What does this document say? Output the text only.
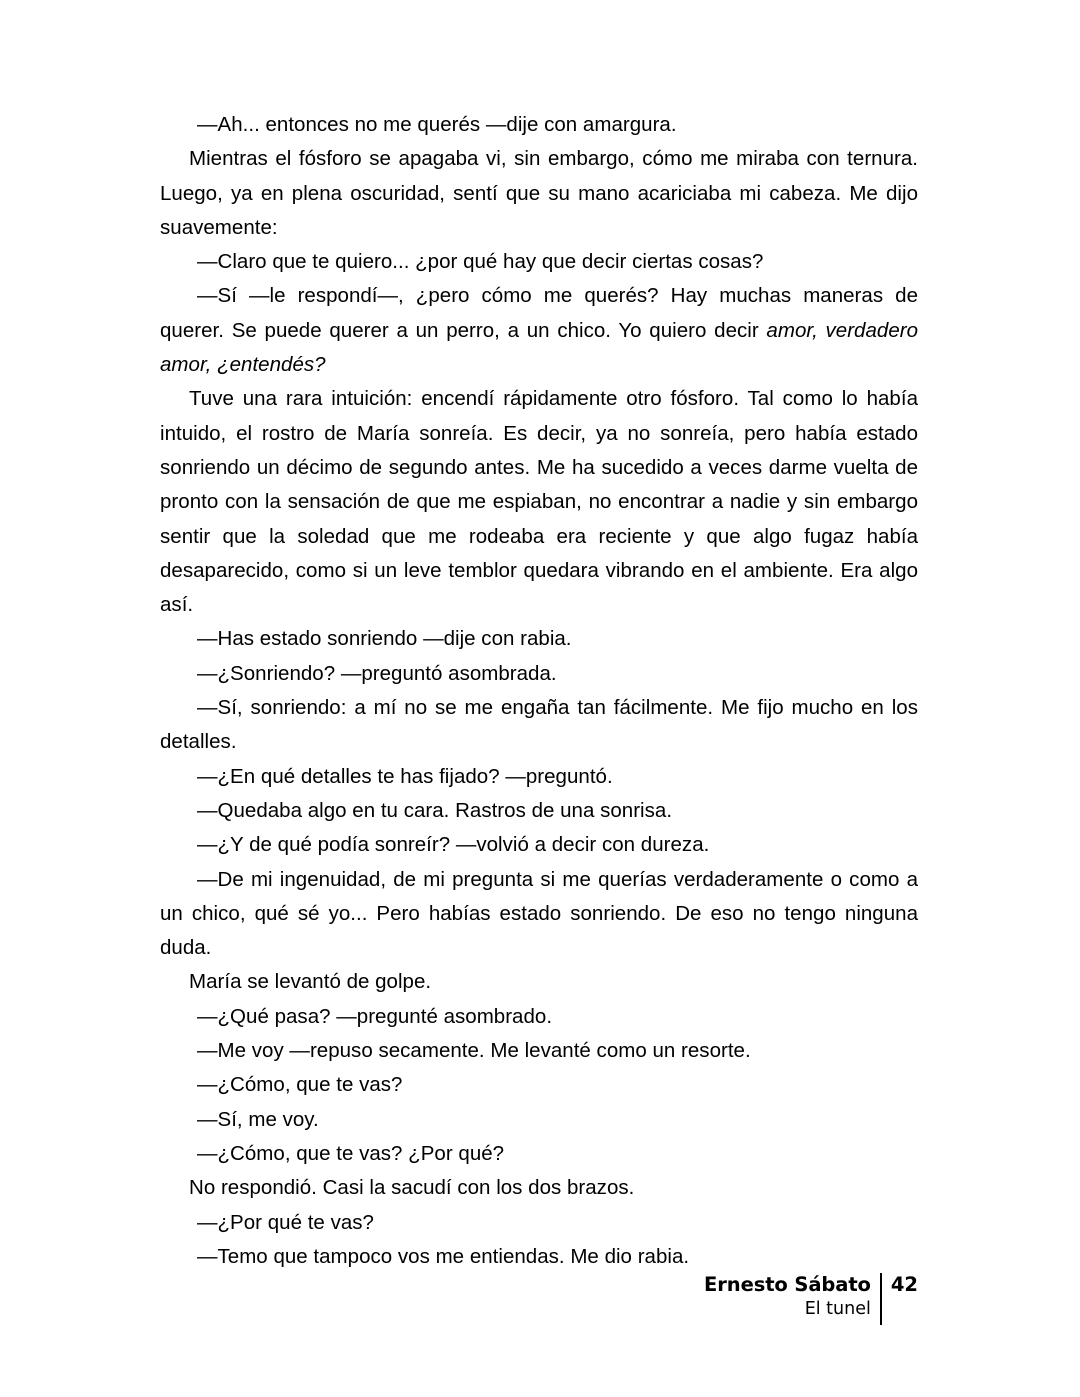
—Ah... entonces no me querés —dije con amargura.

Mientras el fósforo se apagaba vi, sin embargo, cómo me miraba con ternura. Luego, ya en plena oscuridad, sentí que su mano acariciaba mi cabeza. Me dijo suavemente:

—Claro que te quiero... ¿por qué hay que decir ciertas cosas?

—Sí —le respondí—, ¿pero cómo me querés? Hay muchas maneras de querer. Se puede querer a un perro, a un chico. Yo quiero decir amor, verdadero amor, ¿entendés?

Tuve una rara intuición: encendí rápidamente otro fósforo. Tal como lo había intuido, el rostro de María sonreía. Es decir, ya no sonreía, pero había estado sonriendo un décimo de segundo antes. Me ha sucedido a veces darme vuelta de pronto con la sensación de que me espiaban, no encontrar a nadie y sin embargo sentir que la soledad que me rodeaba era reciente y que algo fugaz había desaparecido, como si un leve temblor quedara vibrando en el ambiente. Era algo así.

—Has estado sonriendo —dije con rabia.

—¿Sonriendo? —preguntó asombrada.

—Sí, sonriendo: a mí no se me engaña tan fácilmente. Me fijo mucho en los detalles.

—¿En qué detalles te has fijado? —preguntó.

—Quedaba algo en tu cara. Rastros de una sonrisa.

—¿Y de qué podía sonreír? —volvió a decir con dureza.

—De mi ingenuidad, de mi pregunta si me querías verdaderamente o como a un chico, qué sé yo... Pero habías estado sonriendo. De eso no tengo ninguna duda.

María se levantó de golpe.

—¿Qué pasa? —pregunté asombrado.

—Me voy —repuso secamente. Me levanté como un resorte.

—¿Cómo, que te vas?

—Sí, me voy.

—¿Cómo, que te vas? ¿Por qué?

No respondió. Casi la sacudí con los dos brazos.

—¿Por qué te vas?

—Temo que tampoco vos me entiendas. Me dio rabia.

Ernesto Sábato
El tunel
42
